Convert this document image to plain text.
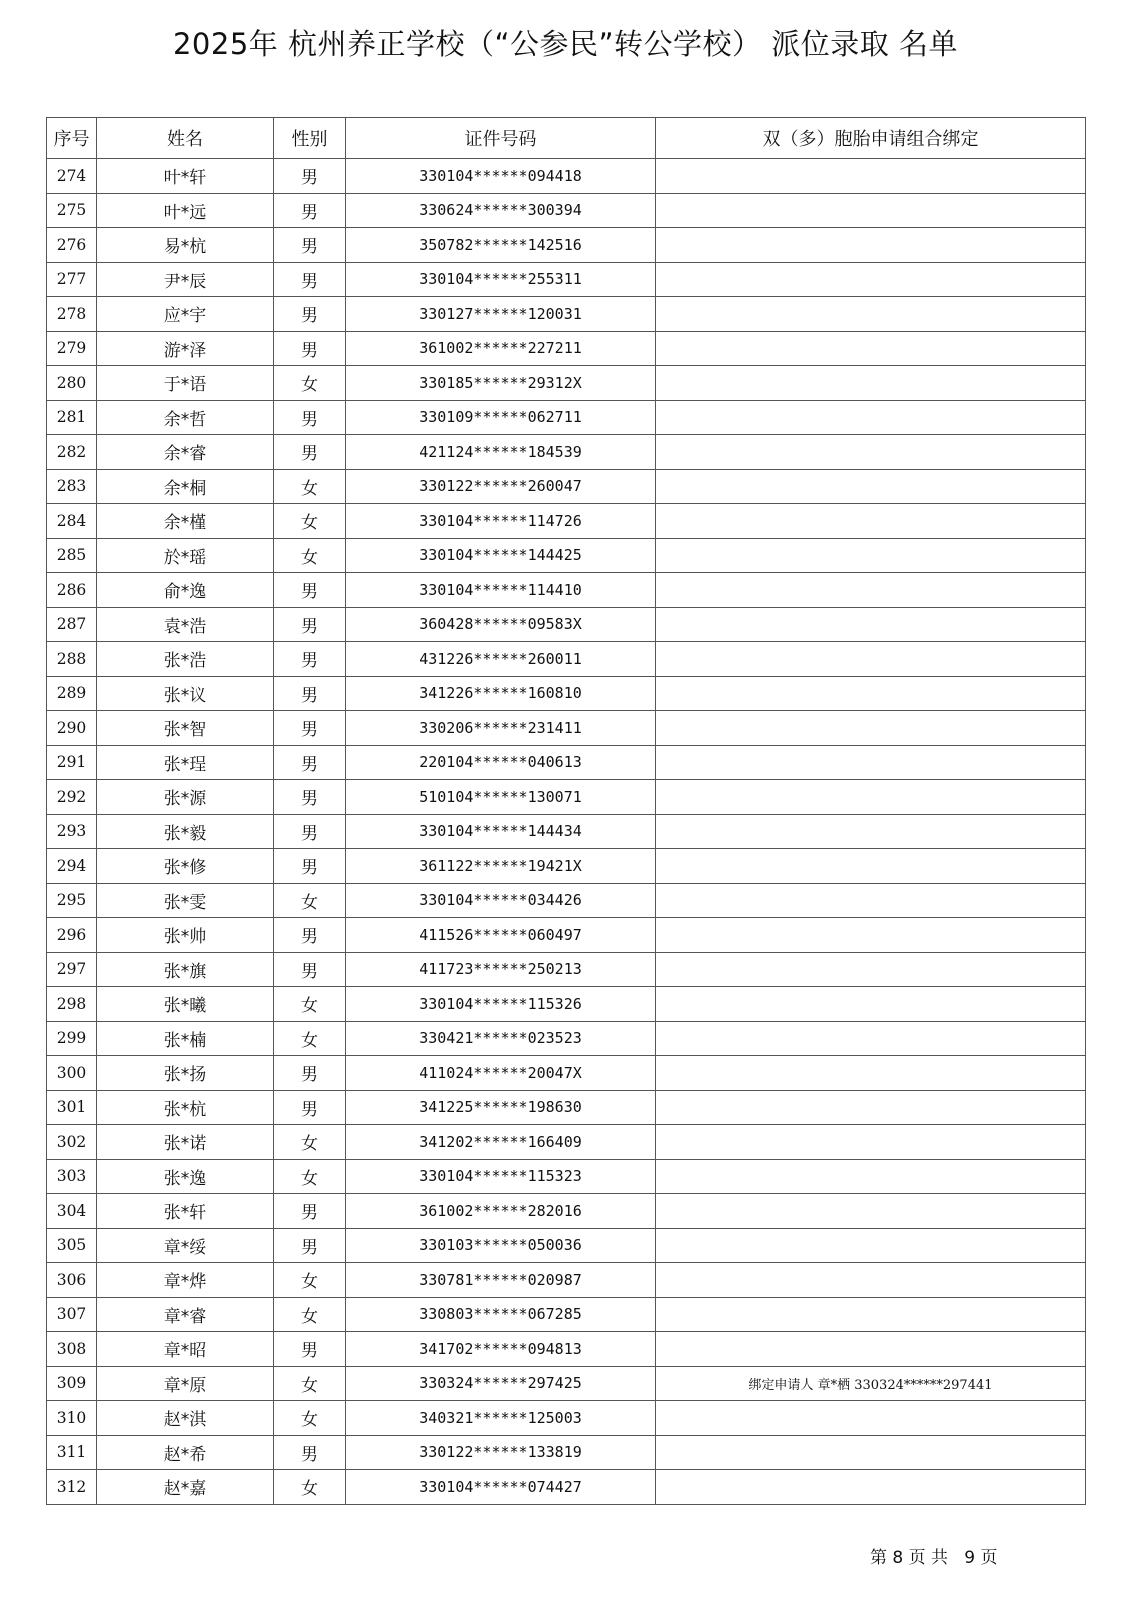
2025年 杭州养正学校（“公参民”转公学校） 派位录取 名单
序号	姓名	性别	证件号码	双（多）胞胎申请组合绑定
274	叶*轩	男	330104******094418	
275	叶*远	男	330624******300394	
276	易*杭	男	350782******142516	
277	尹*辰	男	330104******255311	
278	应*宇	男	330127******120031	
279	游*泽	男	361002******227211	
280	于*语	女	330185******29312X	
281	余*哲	男	330109******062711	
282	余*睿	男	421124******184539	
283	余*桐	女	330122******260047	
284	余*槿	女	330104******114726	
285	於*瑶	女	330104******144425	
286	俞*逸	男	330104******114410	
287	袁*浩	男	360428******09583X	
288	张*浩	男	431226******260011	
289	张*议	男	341226******160810	
290	张*智	男	330206******231411	
291	张*珵	男	220104******040613	
292	张*源	男	510104******130071	
293	张*毅	男	330104******144434	
294	张*修	男	361122******19421X	
295	张*雯	女	330104******034426	
296	张*帅	男	411526******060497	
297	张*旗	男	411723******250213	
298	张*曦	女	330104******115326	
299	张*楠	女	330421******023523	
300	张*扬	男	411024******20047X	
301	张*杭	男	341225******198630	
302	张*诺	女	341202******166409	
303	张*逸	女	330104******115323	
304	张*轩	男	361002******282016	
305	章*绥	男	330103******050036	
306	章*烨	女	330781******020987	
307	章*睿	女	330803******067285	
308	章*昭	男	341702******094813	
309	章*原	女	330324******297425	绑定申请人 章*栖 330324******297441
310	赵*淇	女	340321******125003	
311	赵*希	男	330122******133819	
312	赵*嘉	女	330104******074427	
第 8 页 共   9 页
